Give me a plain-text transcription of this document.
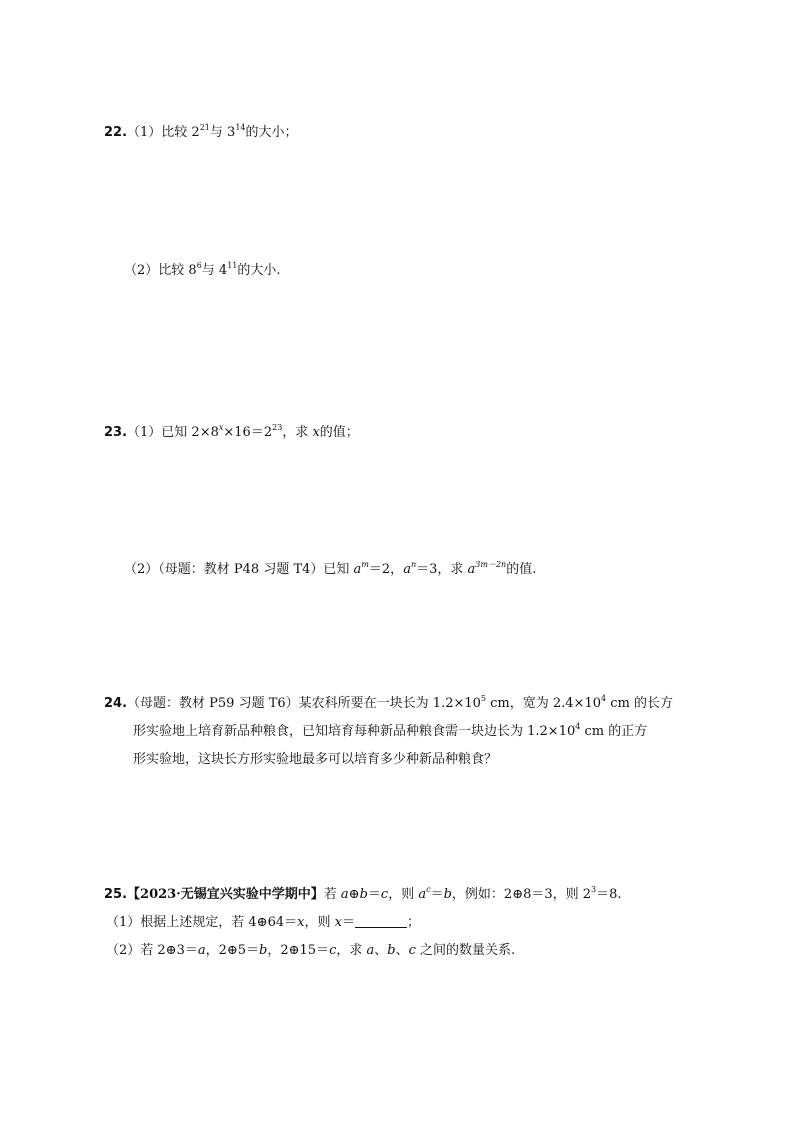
22.（1）比较 $2^{21}$与 $3^{14}$的大小；
（2）比较 $8^6$与 $4^{11}$的大小.
23.（1）已知 $2\times 8^x\times 16=2^{23}$，求 x的值；
（2）（母题：教材 P48 习题 T4）已知 $a^m=2$，$a^n=3$，求 $a^{3m-2n}$的值.
24.（母题：教材 P59 习题 T6）某农科所要在一块长为 $1.2\times 10^5$ cm，宽为 $2.4\times 10^4$ cm 的长方
形实验地上培育新品种粮食，已知培育每种新品种粮食需一块边长为 $1.2\times 10^4$ cm 的正方
形实验地，这块长方形实验地最多可以培育多少种新品种粮食？
25.【2023·无锡宜兴实验中学期中】若 a⊕b＝c，则 $a^c=b$，例如：2⊕8＝3，则 $2^3=8$.
（1）根据上述规定，若 4⊕64＝x，则 x＝	；
（2）若 2⊕3＝a，2⊕5＝b，2⊕15＝c，求 a、b、c 之间的数量关系.
